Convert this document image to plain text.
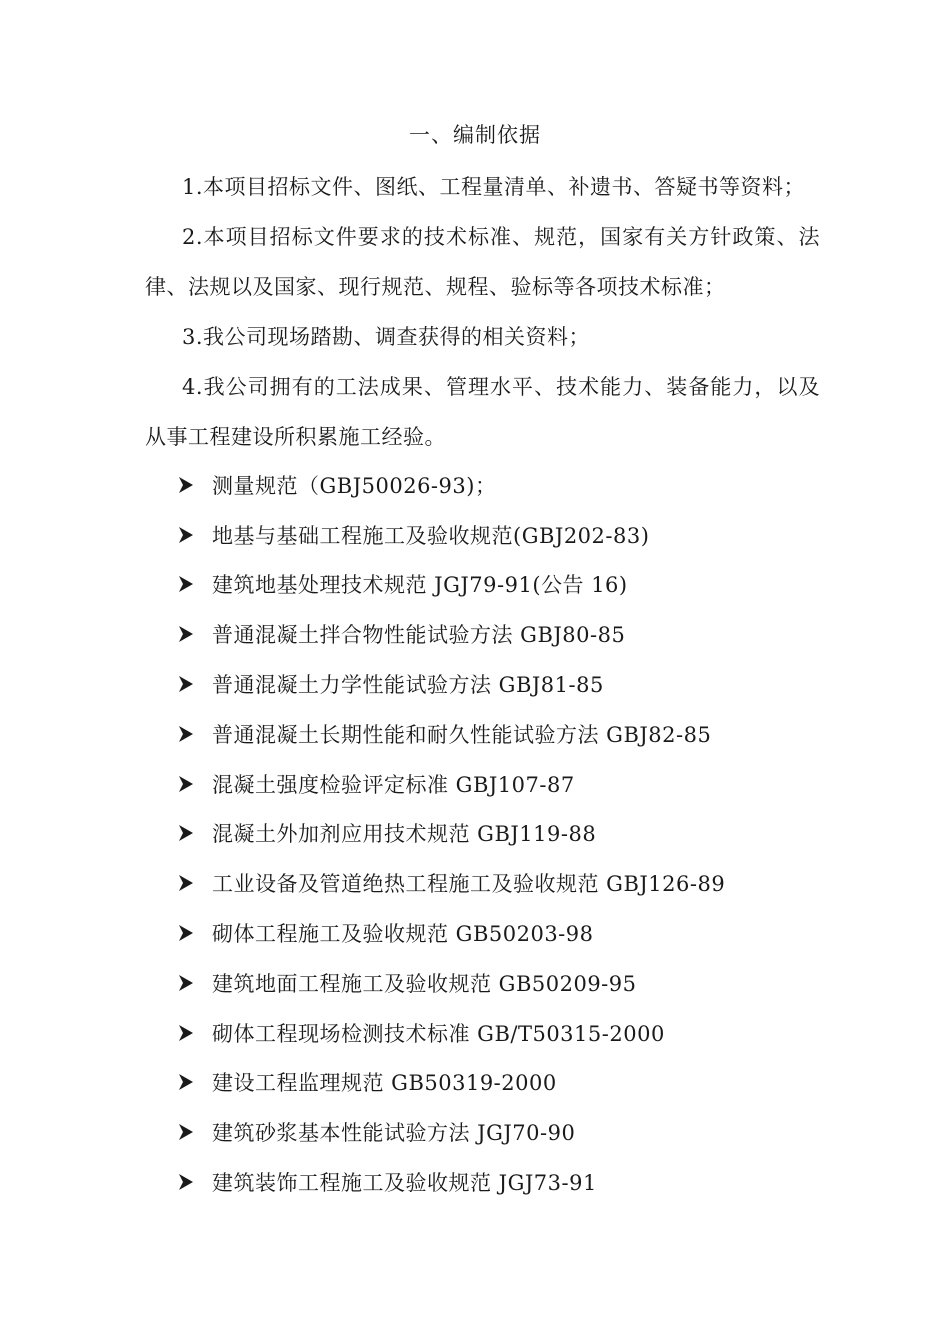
一、编制依据
1.本项目招标文件、图纸、工程量清单、补遗书、答疑书等资料；
2.本项目招标文件要求的技术标准、规范，国家有关方针政策、法律、法规以及国家、现行规范、规程、验标等各项技术标准；
3.我公司现场踏勘、调查获得的相关资料；
4.我公司拥有的工法成果、管理水平、技术能力、装备能力，以及从事工程建设所积累施工经验。
测量规范（GBJ50026-93)；
地基与基础工程施工及验收规范(GBJ202-83)
建筑地基处理技术规范 JGJ79-91(公告 16)
普通混凝土拌合物性能试验方法 GBJ80-85
普通混凝土力学性能试验方法 GBJ81-85
普通混凝土长期性能和耐久性能试验方法 GBJ82-85
混凝土强度检验评定标准 GBJ107-87
混凝土外加剂应用技术规范 GBJ119-88
工业设备及管道绝热工程施工及验收规范 GBJ126-89
砌体工程施工及验收规范 GB50203-98
建筑地面工程施工及验收规范 GB50209-95
砌体工程现场检测技术标准 GB/T50315-2000
建设工程监理规范 GB50319-2000
建筑砂浆基本性能试验方法 JGJ70-90
建筑装饰工程施工及验收规范 JGJ73-91
